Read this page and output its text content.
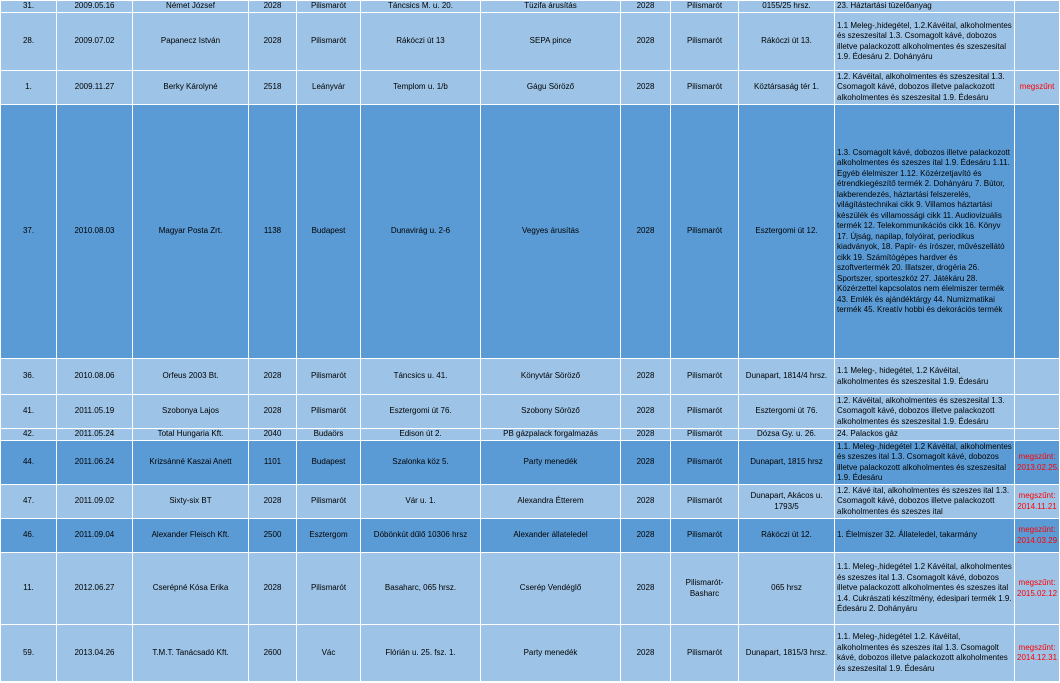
31.	2009.05.16	Német József	2028	Pilismarót	Táncsics M. u. 20.	Tüzifa árusítás	2028	Pilismarót	0155/25 hrsz.	23. Háztartási tüzelőanyag	
28.	2009.07.02	Papanecz István	2028	Pilismarót	Rákóczi út 13	SEPA pince	2028	Pilismarót	Rákóczi út 13.	1.1 Meleg-,hidegétel, 1.2.Kávéital, alkoholmentes és szeszesital 1.3. Csomagolt kávé, dobozos illetve palackozott alkoholmentes és szeszesital 1.9. Édesáru 2. Dohányáru	
1.	2009.11.27	Berky Károlyné	2518	Leányvár	Templom u. 1/b	Gágu Söröző	2028	Pilismarót	Köztársaság tér 1.	1.2. Kávéital, alkoholmentes és szeszesital 1.3. Csomagolt kávé, dobozos illetve palackozott alkoholmentes és szeszesital 1.9. Édesáru	megszűnt
37.	2010.08.03	Magyar Posta Zrt.	1138	Budapest	Dunavirág u. 2-6	Vegyes árusítás	2028	Pilismarót	Esztergomi út 12.	1.3. Csomagolt kávé, dobozos illetve palackozott alkoholmentes és szeszes ital 1.9. Édesáru 1.11. Egyéb élelmiszer 1.12. Közérzetjavító és étrendkiegészítő termék 2. Dohányáru 7. Bútor, lakberendezés, háztartási felszerelés, világítástechnikai cikk 9. Villamos háztartási készülék és villamossági cikk 11. Audiovizuális termék 12. Telekommunikációs cikk 16. Könyv 17. Újság, napilap, folyóirat, periodikus kiadványok, 18. Papír- és írószer, művészellátó cikk 19. Számítógépes hardver és szoftvertermék 20. Illatszer, drogéria 26. Sportszer, sporteszköz 27. Játékáru 28. Közérzettel kapcsolatos nem élelmiszer termék 43. Emlék és ajándéktárgy 44. Numizmatikai termék 45. Kreatív hobbi és dekorációs termék	
36.	2010.08.06	Orfeus 2003 Bt.	2028	Pilismarót	Táncsics u. 41.	Könyvtár Söröző	2028	Pilismarót	Dunapart, 1814/4 hrsz.	1.1 Meleg-, hidegétel, 1.2 Kávéital, alkoholmentes és szeszesital 1.9. Édesáru	
41.	2011.05.19	Szobonya Lajos	2028	Pilismarót	Esztergomi út 76.	Szobony Söröző	2028	Pilismarót	Esztergomi út 76.	1.2. Kávéital, alkoholmentes és szeszesital 1.3. Csomagolt kávé, dobozos illetve palackozott alkoholmentes és szeszesital 1.9. Édesáru	
42.	2011.05.24	Total Hungaria Kft.	2040	Budaörs	Edison út 2.	PB gázpalack forgalmazás	2028	Pilismarót	Dózsa Gy. u. 26.	24. Palackos gáz	
44.	2011.06.24	Krizsánné Kaszai Anett	1101	Budapest	Szalonka köz 5.	Party menedék	2028	Pilismarót	Dunapart, 1815 hrsz	1.1. Meleg-,hidegétel 1.2 Kávéital, alkoholmentes és szeszes ital 1.3. Csomagolt kávé, dobozos illetve palackozott alkoholmentes és szeszesital 1.9. Édesáru	megszűnt: 2013.02.25.
47.	2011.09.02	Sixty-six BT	2028	Pilismarót	Vár u. 1.	Alexandra Étterem	2028	Pilismarót	Dunapart, Akácos u. 1793/5	1.2. Kávé ital, alkoholmentes és szeszes ital 1.3. Csomagolt kávé, dobozos illetve palackozott alkoholmentes és szeszes ital	megszűnt: 2014.11.21
46.	2011.09.04	Alexander Fleisch Kft.	2500	Esztergom	Döbönkút dűlő 10306 hrsz	Alexander állateledel	2028	Pilismarót	Rákóczi út 12.	1. Élelmiszer 32. Állateledel, takarmány	megszűnt: 2014.03.29
11.	2012.06.27	Cserépné Kósa Erika	2028	Pilismarót	Basaharc, 065 hrsz.	Cserép Vendéglő	2028	Pilismarót-Basharc	065 hrsz	1.1. Meleg-,hidegétel 1.2 Kávéital, alkoholmentes és szeszes ital 1.3. Csomagolt kávé, dobozos illetve palackozott alkoholmentes és szeszes ital 1.4. Cukrászati készítmény, édesipari termék 1.9. Édesáru 2. Dohányáru	megszűnt: 2015.02.12
59.	2013.04.26	T.M.T. Tanácsadó Kft.	2600	Vác	Flórián u. 25. fsz. 1.	Party menedék	2028	Pilismarót	Dunapart, 1815/3 hrsz.	1.1. Meleg-,hidegétel 1.2. Kávéital, alkoholmentes és szeszes ital 1.3. Csomagolt kávé, dobozos illetve palackozott alkoholmentes és szeszesital 1.9. Édesáru	megszűnt: 2014.12.31
